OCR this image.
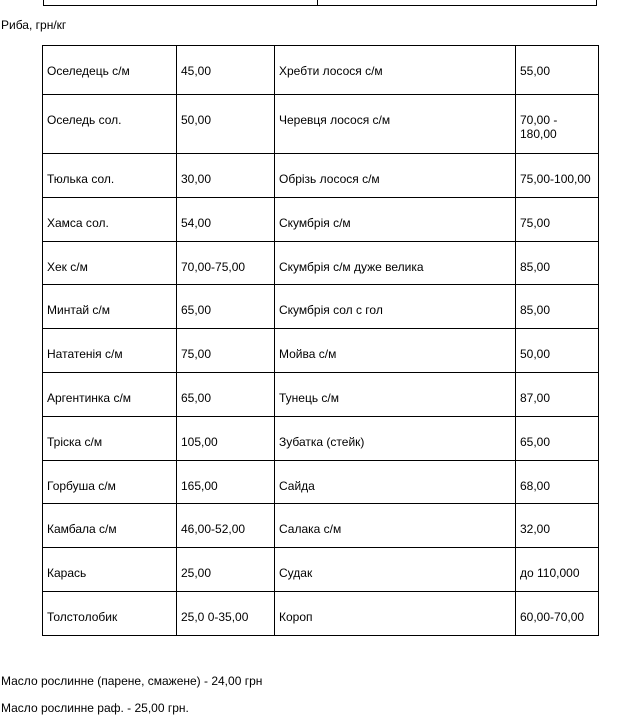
Риба, грн/кг
Оселедець с/м	45,00	Хребти лосося с/м	55,00
Оселедь сол.	50,00	Черевця лосося с/м	70,00 - 180,00
Тюлька сол.	30,00	Обрізь лосося с/м	75,00-100,00
Хамса сол.	54,00	Скумбрія с/м	75,00
Хек с/м	70,00-75,00	Скумбрія с/м дуже велика	85,00
Минтай с/м	65,00	Скумбрія сол с гол	85,00
Нататенія с/м	75,00	Мойва с/м	50,00
Аргентинка с/м	65,00	Тунець с/м	87,00
Тріска с/м	105,00	Зубатка (стейк)	65,00
Горбуша с/м	165,00	Сайда	68,00
Камбала с/м	46,00-52,00	Салака с/м	32,00
Карась	25,00	Судак	до 110,000
Толстолобик	25,0 0-35,00	Короп	60,00-70,00
Масло рослинне (парене, смажене) - 24,00 грн
Масло рослинне раф. - 25,00 грн.
